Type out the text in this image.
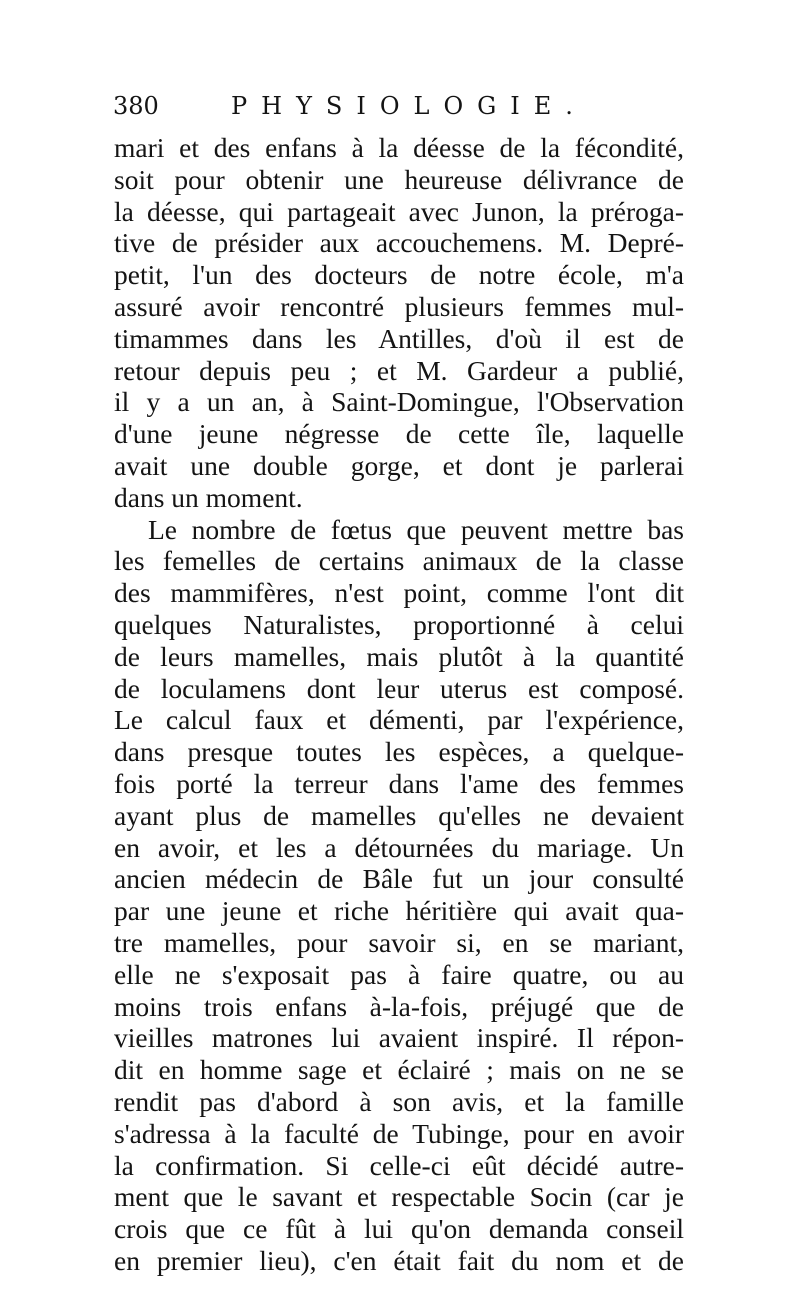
380	PHYSIOLOGIE.
mari et des enfans à la déesse de la fécondité,
soit pour obtenir une heureuse délivrance de
la déesse, qui partageait avec Junon, la préroga-
tive de présider aux accouchemens. M. Depré-
petit, l'un des docteurs de notre école, m'a
assuré avoir rencontré plusieurs femmes mul-
timammes dans les Antilles, d'où il est de
retour depuis peu ; et M. Gardeur a publié,
il y a un an, à Saint-Domingue, l'Observation
d'une jeune négresse de cette île, laquelle
avait une double gorge, et dont je parlerai
dans un moment.
Le nombre de fœtus que peuvent mettre bas
les femelles de certains animaux de la classe
des mammifères, n'est point, comme l'ont dit
quelques Naturalistes, proportionné à celui
de leurs mamelles, mais plutôt à la quantité
de loculamens dont leur uterus est composé.
Le calcul faux et démenti, par l'expérience,
dans presque toutes les espèces, a quelque-
fois porté la terreur dans l'ame des femmes
ayant plus de mamelles qu'elles ne devaient
en avoir, et les a détournées du mariage. Un
ancien médecin de Bâle fut un jour consulté
par une jeune et riche héritière qui avait qua-
tre mamelles, pour savoir si, en se mariant,
elle ne s'exposait pas à faire quatre, ou au
moins trois enfans à-la-fois, préjugé que de
vieilles matrones lui avaient inspiré. Il répon-
dit en homme sage et éclairé ; mais on ne se
rendit pas d'abord à son avis, et la famille
s'adressa à la faculté de Tubinge, pour en avoir
la confirmation. Si celle-ci eût décidé autre-
ment que le savant et respectable Socin (car je
crois que ce fût à lui qu'on demanda conseil
en premier lieu), c'en était fait du nom et de
